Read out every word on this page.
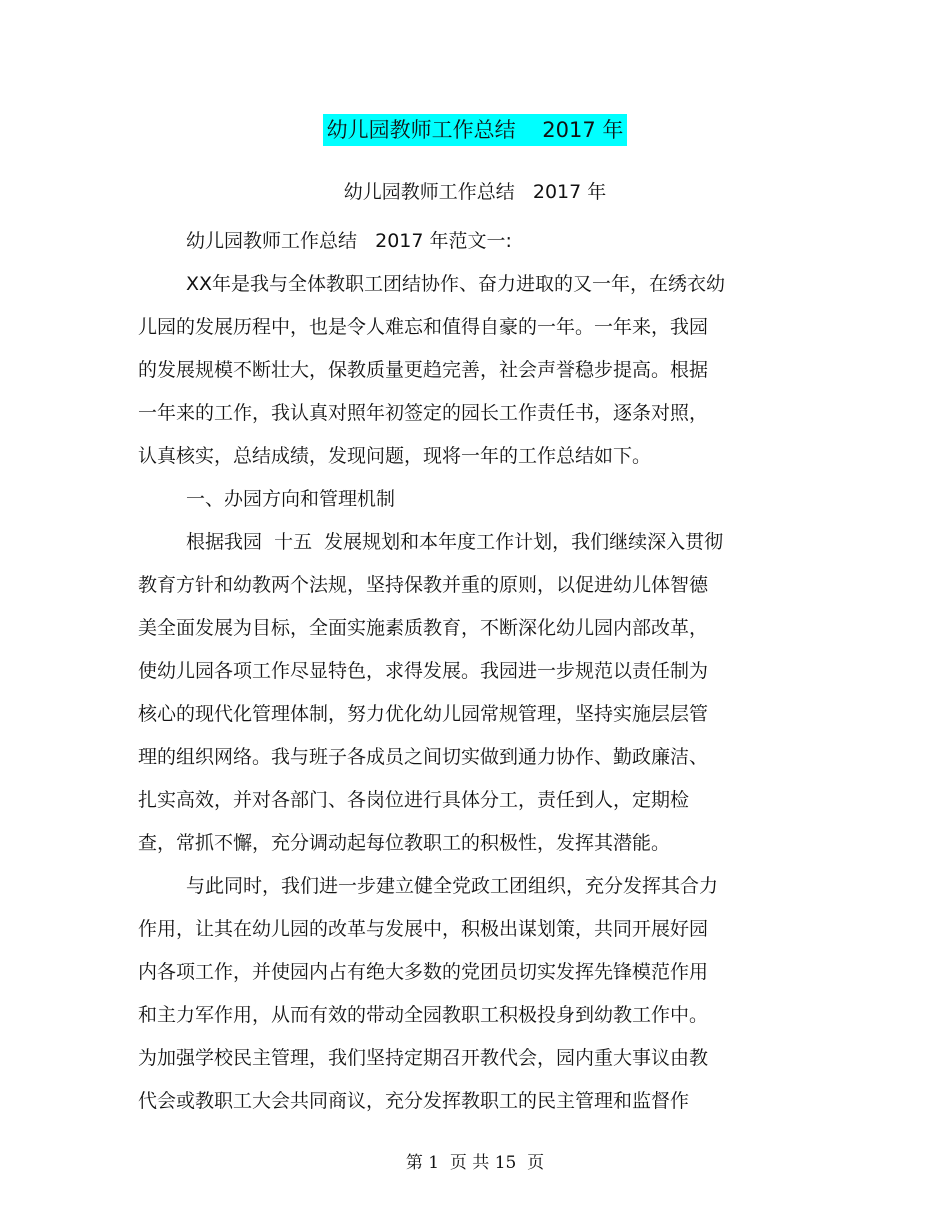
幼儿园教师工作总结    2017 年
幼儿园教师工作总结   2017 年
幼儿园教师工作总结   2017 年范文一:
XX年是我与全体教职工团结协作、奋力进取的又一年，在绣衣幼
儿园的发展历程中，也是令人难忘和值得自豪的一年。一年来，我园
的发展规模不断壮大，保教质量更趋完善，社会声誉稳步提高。根据
一年来的工作，我认真对照年初签定的园长工作责任书，逐条对照，
认真核实，总结成绩，发现问题，现将一年的工作总结如下。
一、办园方向和管理机制
根据我园  十五  发展规划和本年度工作计划，我们继续深入贯彻
教育方针和幼教两个法规，坚持保教并重的原则，以促进幼儿体智德
美全面发展为目标，全面实施素质教育，不断深化幼儿园内部改革，
使幼儿园各项工作尽显特色，求得发展。我园进一步规范以责任制为
核心的现代化管理体制，努力优化幼儿园常规管理，坚持实施层层管
理的组织网络。我与班子各成员之间切实做到通力协作、勤政廉洁、
扎实高效，并对各部门、各岗位进行具体分工，责任到人，定期检
查，常抓不懈，充分调动起每位教职工的积极性，发挥其潜能。
与此同时，我们进一步建立健全党政工团组织，充分发挥其合力
作用，让其在幼儿园的改革与发展中，积极出谋划策，共同开展好园
内各项工作，并使园内占有绝大多数的党团员切实发挥先锋模范作用
和主力军作用，从而有效的带动全园教职工积极投身到幼教工作中。
为加强学校民主管理，我们坚持定期召开教代会，园内重大事议由教
代会或教职工大会共同商议，充分发挥教职工的民主管理和监督作
第 1  页 共 15  页
